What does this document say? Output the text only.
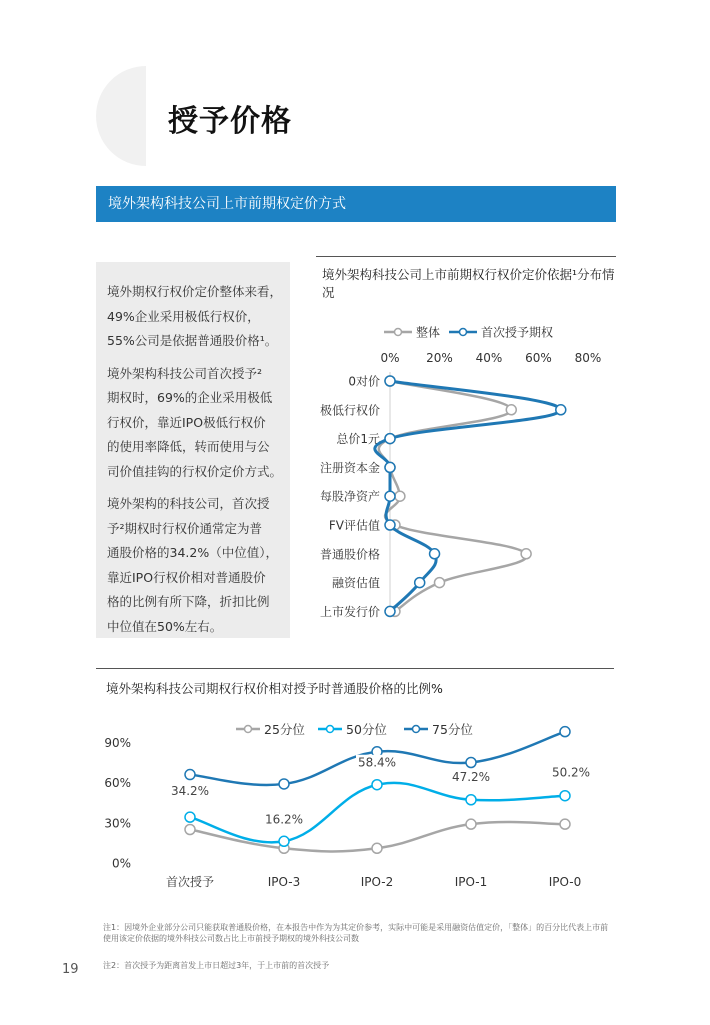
授予价格
境外架构科技公司上市前期权定价方式

境外期权行权价定价整体来看，
49%企业采用极低行权价，
55%公司是依据普通股价格¹。

境外架构科技公司首次授予²
期权时，69%的企业采用极低
行权价，靠近IPO极低行权价
的使用率降低，转而使用与公
司价值挂钩的行权价定价方式。

境外架构的科技公司，首次授
予²期权时行权价通常定为普
通股价格的34.2%（中位值），
靠近IPO行权价相对普通股价
格的比例有所下降，折扣比例
中位值在50%左右。

境外架构科技公司上市前期权行权价定价依据¹分布情况
整体	首次授予期权
0% 20% 40% 60% 80%
0对价
极低行权价
总价1元
注册资本金
每股净资产
FV评估值
普通股价格
融资估值
上市发行价
境外架构科技公司期权行权价相对授予时普通股价格的比例%
25分位	50分位	75分位
0%
30%
60%
90%
首次授予	IPO-3	IPO-2	IPO-1	IPO-0
34.2%
16.2%
58.4%
47.2%	50.2%
注1：因境外企业部分公司只能获取普通股价格，在本报告中作为为其定价参考，实际中可能是采用融资估值定价，「整体」的百分比代表上市前使用该定价依据的境外科技公司数占比上市前授予期权的境外科技公司数
注2：首次授予为距离首发上市日超过3年，于上市前的首次授予
19
